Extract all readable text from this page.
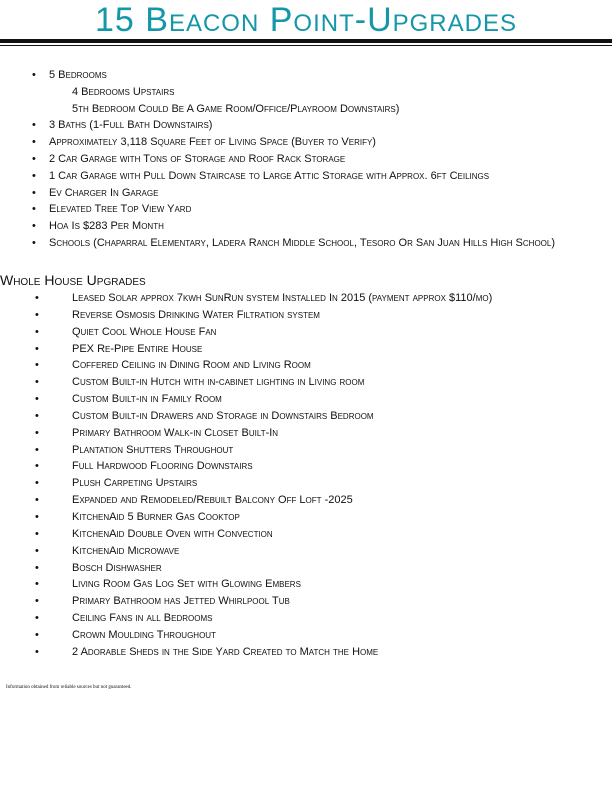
15 Beacon Point-Upgrades
•	5 Bedrooms
4 Bedrooms Upstairs
5th Bedroom Could Be A Game Room/Office/Playroom Downstairs)
•	3 Baths (1-Full Bath Downstairs)
•	Approximately 3,118 Square Feet of Living Space (Buyer to Verify)
•	2 Car Garage with Tons of Storage and Roof Rack Storage
•	1 Car Garage with Pull Down Staircase to Large Attic Storage with Approx. 6ft Ceilings
•	Ev Charger In Garage
•	Elevated Tree Top View Yard
•	Hoa Is $283 Per Month
•	Schools (Chaparral Elementary, Ladera Ranch Middle School, Tesoro Or San Juan Hills High School)
Whole House Upgrades
•	Leased Solar approx 7kwh SunRun system Installed In 2015 (payment approx $110/mo)
•	Reverse Osmosis Drinking Water Filtration system
•	Quiet Cool Whole House Fan
•	PEX Re-Pipe Entire House
•	Coffered Ceiling in Dining Room and Living Room
•	Custom Built-in Hutch with in-cabinet lighting in Living room
•	Custom Built-in in Family Room
•	Custom Built-in Drawers and Storage in Downstairs Bedroom
•	Primary Bathroom Walk-in Closet Built-In
•	Plantation Shutters Throughout
•	Full Hardwood Flooring Downstairs
•	Plush Carpeting Upstairs
•	Expanded and Remodeled/Rebuilt Balcony Off Loft -2025
•	KitchenAid 5 Burner Gas Cooktop
•	KitchenAid Double Oven with Convection
•	KitchenAid Microwave
•	Bosch Dishwasher
•	Living Room Gas Log Set with Glowing Embers
•	Primary Bathroom has Jetted Whirlpool Tub
•	Ceiling Fans in all Bedrooms
•	Crown Moulding Throughout
•	2 Adorable Sheds in the Side Yard Created to Match the Home
Information obtained from reliable sources but not guaranteed.
